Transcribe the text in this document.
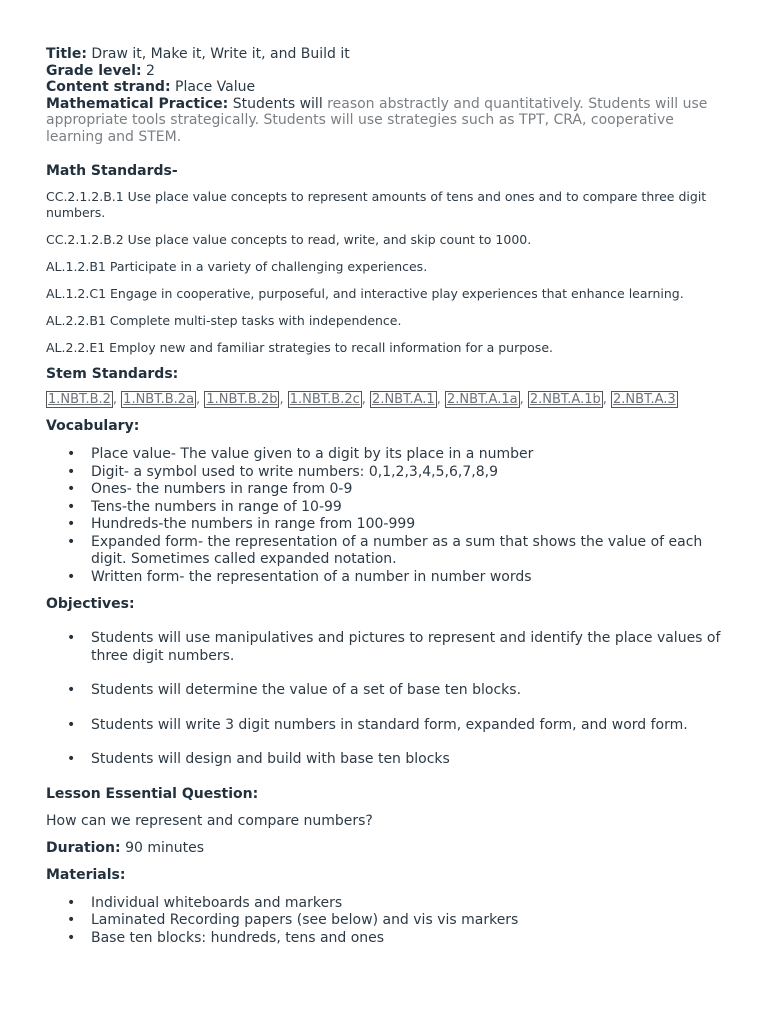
Title: Draw it, Make it, Write it, and Build it
Grade level: 2
Content strand: Place Value
Mathematical Practice: Students will reason abstractly and quantitatively. Students will use appropriate tools strategically. Students will use strategies such as TPT, CRA, cooperative learning and STEM.
Math Standards-

CC.2.1.2.B.1 Use place value concepts to represent amounts of tens and ones and to compare three digit numbers.

CC.2.1.2.B.2 Use place value concepts to read, write, and skip count to 1000.

AL.1.2.B1 Participate in a variety of challenging experiences.

AL.1.2.C1 Engage in cooperative, purposeful, and interactive play experiences that enhance learning.

AL.2.2.B1 Complete multi-step tasks with independence.

AL.2.2.E1 Employ new and familiar strategies to recall information for a purpose.

Stem Standards:
1.NBT.B.2 , 1.NBT.B.2a , 1.NBT.B.2b , 1.NBT.B.2c , 2.NBT.A.1 , 2.NBT.A.1a , 2.NBT.A.1b , 2.NBT.A.3
Vocabulary:
• Place value- The value given to a digit by its place in a number
• Digit- a symbol used to write numbers: 0,1,2,3,4,5,6,7,8,9
• Ones- the numbers in range from 0-9
• Tens-the numbers in range of 10-99
• Hundreds-the numbers in range from 100-999
• Expanded form- the representation of a number as a sum that shows the value of each digit. Sometimes called expanded notation.
• Written form- the representation of a number in number words
Objectives:
• Students will use manipulatives and pictures to represent and identify the place values of three digit numbers.
• Students will determine the value of a set of base ten blocks.
• Students will write 3 digit numbers in standard form, expanded form, and word form.
• Students will design and build with base ten blocks
Lesson Essential Question:
How can we represent and compare numbers?
Duration: 90 minutes
Materials:
• Individual whiteboards and markers
• Laminated Recording papers (see below) and vis vis markers
• Base ten blocks: hundreds, tens and ones
